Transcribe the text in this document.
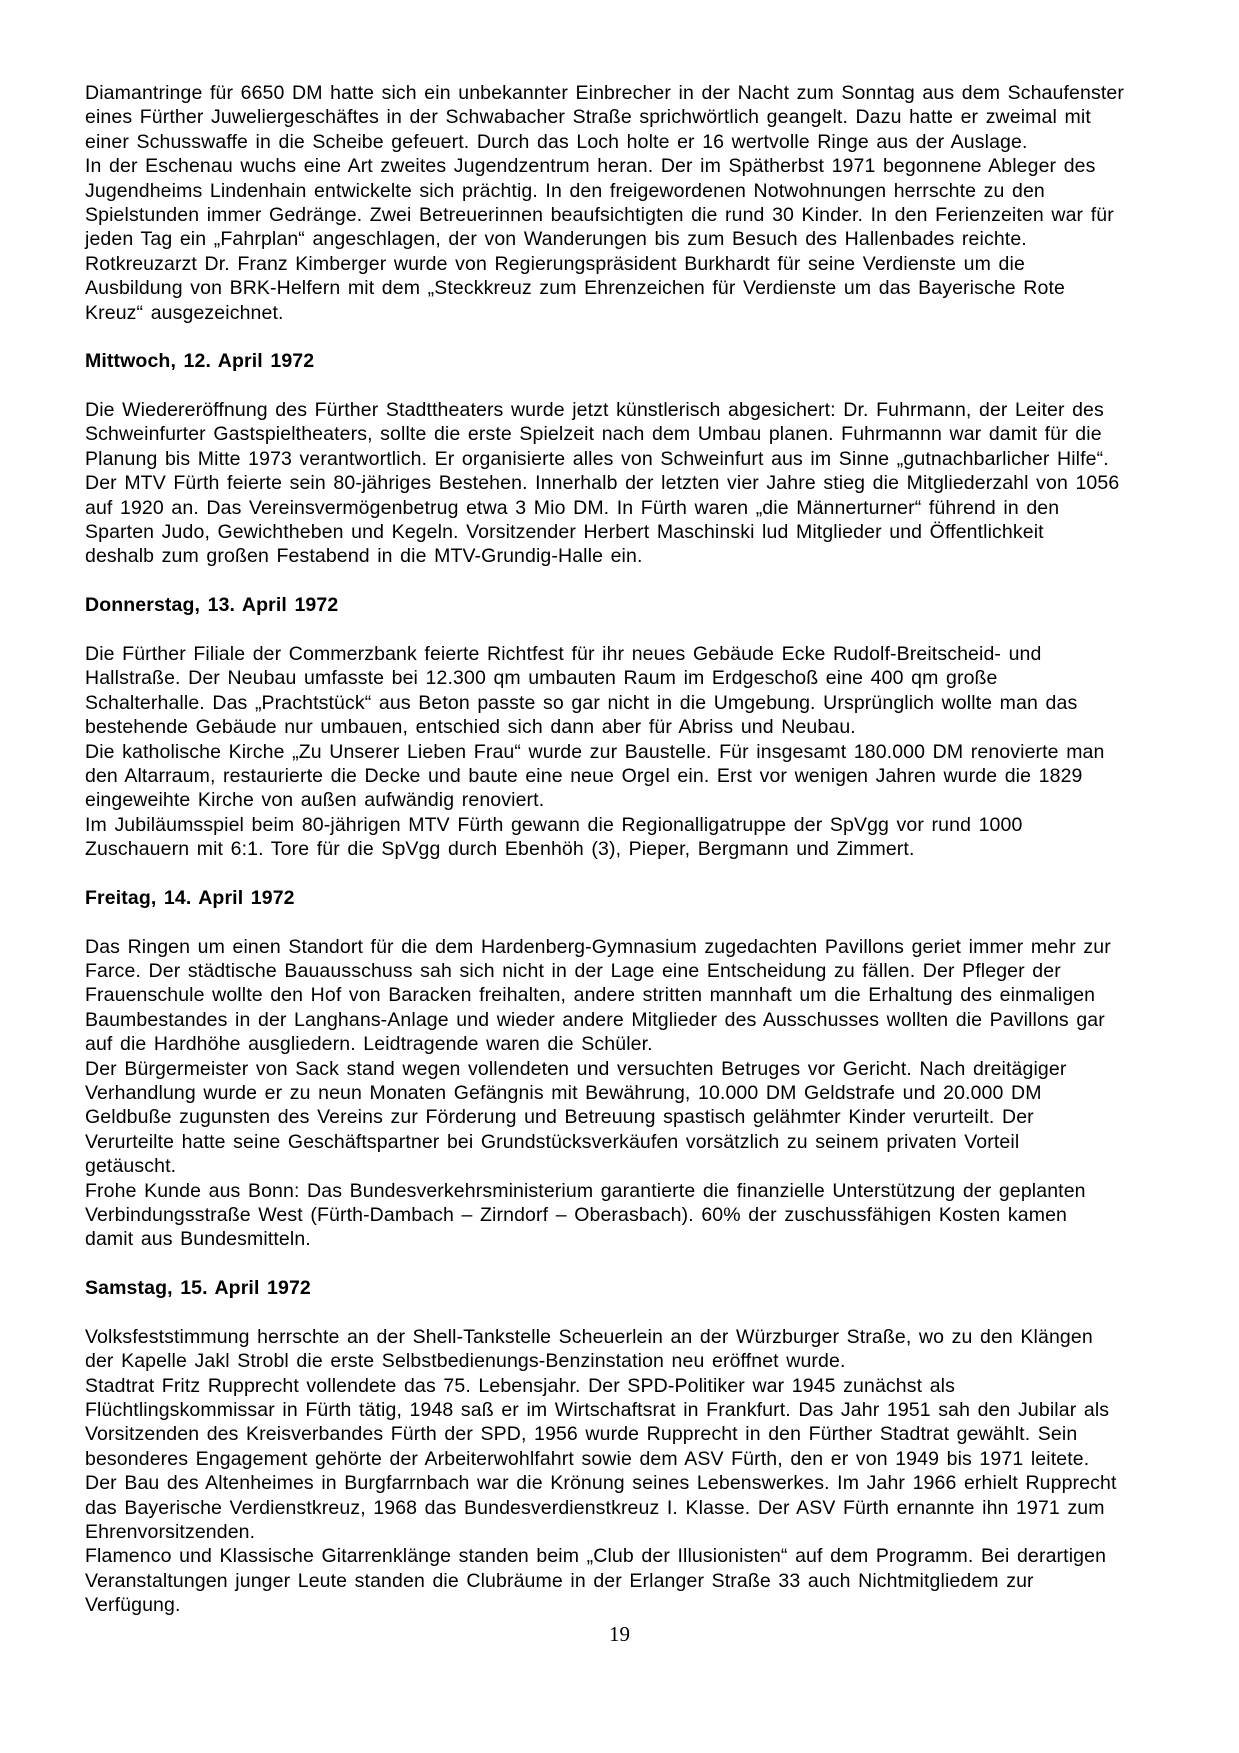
Diamantringe für 6650 DM hatte sich ein unbekannter Einbrecher in der Nacht zum Sonntag aus dem Schaufenster
eines Fürther Juweliergeschäftes in der Schwabacher Straße sprichwörtlich geangelt. Dazu hatte er zweimal mit
einer Schusswaffe in die Scheibe gefeuert. Durch das Loch holte er 16 wertvolle Ringe aus der Auslage.
In der Eschenau wuchs eine Art zweites Jugendzentrum heran. Der im Spätherbst 1971 begonnene Ableger des
Jugendheims Lindenhain entwickelte sich prächtig. In den freigewordenen Notwohnungen herrschte zu den
Spielstunden immer Gedränge. Zwei Betreuerinnen beaufsichtigten die rund 30 Kinder. In den Ferienzeiten war für
jeden Tag ein „Fahrplan“ angeschlagen, der von Wanderungen bis zum Besuch des Hallenbades reichte.
Rotkreuzarzt Dr. Franz Kimberger wurde von Regierungspräsident Burkhardt für seine Verdienste um die
Ausbildung von BRK-Helfern mit dem „Steckkreuz zum Ehrenzeichen für Verdienste um das Bayerische Rote
Kreuz“ ausgezeichnet.
Mittwoch, 12. April 1972
Die Wiedereröffnung des Fürther Stadttheaters wurde jetzt künstlerisch abgesichert: Dr. Fuhrmann, der Leiter des
Schweinfurter Gastspieltheaters, sollte die erste Spielzeit nach dem Umbau planen. Fuhrmannn war damit für die
Planung bis Mitte 1973 verantwortlich. Er organisierte alles von Schweinfurt aus im Sinne „gutnachbarlicher Hilfe“.
Der MTV Fürth feierte sein 80-jähriges Bestehen. Innerhalb der letzten vier Jahre stieg die Mitgliederzahl von 1056
auf 1920 an. Das Vereinsvermögenbetrug etwa 3 Mio DM. In Fürth waren „die Männerturner“ führend in den
Sparten Judo, Gewichtheben und Kegeln. Vorsitzender Herbert Maschinski lud Mitglieder und Öffentlichkeit
deshalb zum großen Festabend in die MTV-Grundig-Halle ein.
Donnerstag, 13. April 1972
Die Fürther Filiale der Commerzbank feierte Richtfest für ihr neues Gebäude Ecke Rudolf-Breitscheid- und
Hallstraße. Der Neubau umfasste bei 12.300 qm umbauten Raum im Erdgeschoß eine 400 qm große
Schalterhalle. Das „Prachtstück“ aus Beton passte so gar nicht in die Umgebung. Ursprünglich wollte man das
bestehende Gebäude nur umbauen, entschied sich dann aber für Abriss und Neubau.
Die katholische Kirche „Zu Unserer Lieben Frau“ wurde zur Baustelle. Für insgesamt 180.000 DM renovierte man
den Altarraum, restaurierte die Decke und baute eine neue Orgel ein. Erst vor wenigen Jahren wurde die 1829
eingeweihte Kirche von außen aufwändig renoviert.
Im Jubiläumsspiel beim 80-jährigen MTV Fürth gewann die Regionalligatruppe der SpVgg vor rund 1000
Zuschauern mit 6:1. Tore für die SpVgg durch Ebenhöh (3), Pieper, Bergmann und Zimmert.
Freitag, 14. April 1972
Das Ringen um einen Standort für die dem Hardenberg-Gymnasium zugedachten Pavillons geriet immer mehr zur
Farce. Der städtische Bauausschuss sah sich nicht in der Lage eine Entscheidung zu fällen. Der Pfleger der
Frauenschule wollte den Hof von Baracken freihalten, andere stritten mannhaft um die Erhaltung des einmaligen
Baumbestandes in der Langhans-Anlage und wieder andere Mitglieder des Ausschusses wollten die Pavillons gar
auf die Hardhöhe ausgliedern. Leidtragende waren die Schüler.
Der Bürgermeister von Sack stand wegen vollendeten und versuchten Betruges vor Gericht. Nach dreitägiger
Verhandlung wurde er zu neun Monaten Gefängnis mit Bewährung, 10.000 DM Geldstrafe und 20.000 DM
Geldbuße zugunsten des Vereins zur Förderung und Betreuung spastisch gelähmter Kinder verurteilt. Der
Verurteilte hatte seine Geschäftspartner bei Grundstücksverkäufen vorsätzlich zu seinem privaten Vorteil
getäuscht.
Frohe Kunde aus Bonn: Das Bundesverkehrsministerium garantierte die finanzielle Unterstützung der geplanten
Verbindungsstraße West (Fürth-Dambach – Zirndorf – Oberasbach). 60% der zuschussfähigen Kosten kamen
damit aus Bundesmitteln.
Samstag, 15. April 1972
Volksfeststimmung herrschte an der Shell-Tankstelle Scheuerlein an der Würzburger Straße, wo zu den Klängen
der Kapelle Jakl Strobl die erste Selbstbedienungs-Benzinstation neu eröffnet wurde.
Stadtrat Fritz Rupprecht vollendete das 75. Lebensjahr. Der SPD-Politiker war 1945 zunächst als
Flüchtlingskommissar in Fürth tätig, 1948 saß er im Wirtschaftsrat in Frankfurt. Das Jahr 1951 sah den Jubilar als
Vorsitzenden des Kreisverbandes Fürth der SPD, 1956 wurde Rupprecht in den Fürther Stadtrat gewählt. Sein
besonderes Engagement gehörte der Arbeiterwohlfahrt sowie dem ASV Fürth, den er von 1949 bis 1971 leitete.
Der Bau des Altenheimes in Burgfarrnbach war die Krönung seines Lebenswerkes. Im Jahr 1966 erhielt Rupprecht
das Bayerische Verdienstkreuz, 1968 das Bundesverdienstkreuz I. Klasse. Der ASV Fürth ernannte ihn 1971 zum
Ehrenvorsitzenden.
Flamenco und Klassische Gitarrenklänge standen beim „Club der Illusionisten“ auf dem Programm. Bei derartigen
Veranstaltungen junger Leute standen die Clubräume in der Erlanger Straße 33 auch Nichtmitgliedem zur
Verfügung.
19
